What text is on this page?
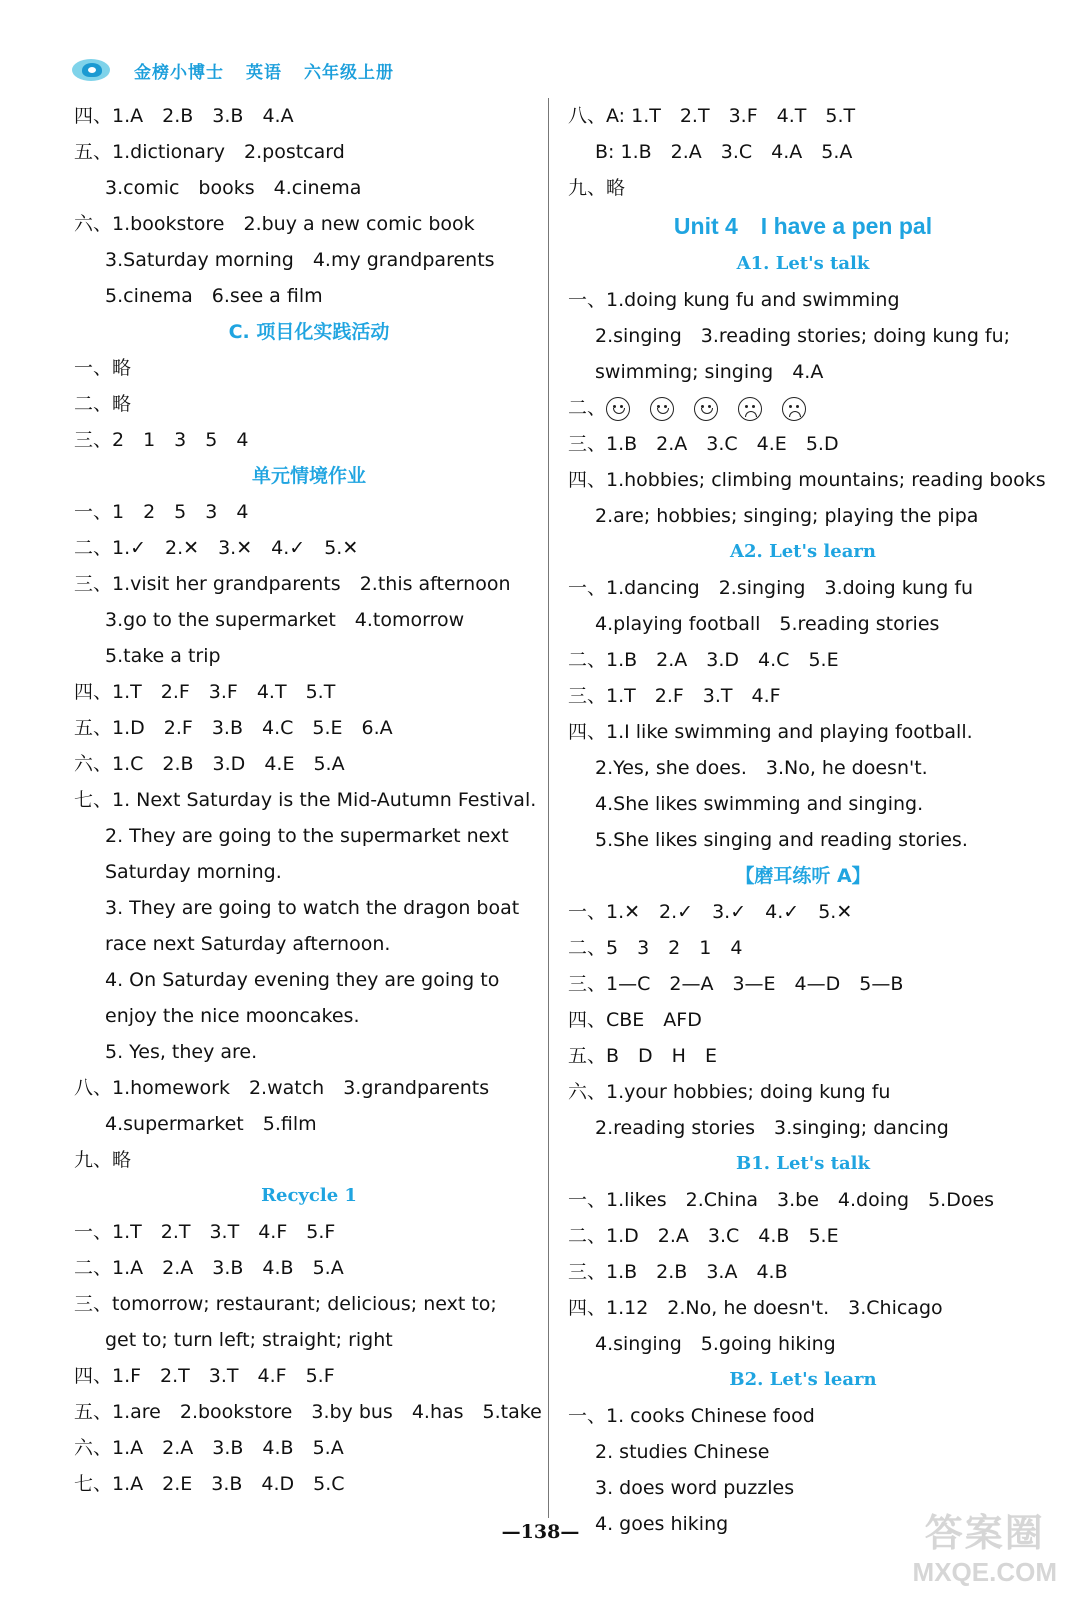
金榜小博士 英语 六年级上册
四、1.A　2.B　3.B　4.A
五、1.dictionary　2.postcard
3.comic　books　4.cinema
六、1.bookstore　2.buy a new comic book
3.Saturday morning　4.my grandparents
5.cinema　6.see a film
C. 项目化实践活动
一、略
二、略
三、2　1　3　5　4
单元情境作业
一、1　2　5　3　4
二、1.✓　2.✕　3.✕　4.✓　5.✕
三、1.visit her grandparents　2.this afternoon
3.go to the supermarket　4.tomorrow
5.take a trip
四、1.T　2.F　3.F　4.T　5.T
五、1.D　2.F　3.B　4.C　5.E　6.A
六、1.C　2.B　3.D　4.E　5.A
七、1. Next Saturday is the Mid-Autumn Festival.
2. They are going to the supermarket next
Saturday morning.
3. They are going to watch the dragon boat
race next Saturday afternoon.
4. On Saturday evening they are going to
enjoy the nice mooncakes.
5. Yes, they are.
八、1.homework　2.watch　3.grandparents
4.supermarket　5.film
九、略
Recycle 1
一、1.T　2.T　3.T　4.F　5.F
二、1.A　2.A　3.B　4.B　5.A
三、tomorrow; restaurant; delicious; next to;
get to; turn left; straight; right
四、1.F　2.T　3.T　4.F　5.F
五、1.are　2.bookstore　3.by bus　4.has　5.take
六、1.A　2.A　3.B　4.B　5.A
七、1.A　2.E　3.B　4.D　5.C
八、A: 1.T　2.T　3.F　4.T　5.T
B: 1.B　2.A　3.C　4.A　5.A
九、略
Unit 4　I have a pen pal
A1. Let's talk
一、1.doing kung fu and swimming
2.singing　3.reading stories; doing kung fu;
swimming; singing　4.A
二、
三、1.B　2.A　3.C　4.E　5.D
四、1.hobbies; climbing mountains; reading books
2.are; hobbies; singing; playing the pipa
A2. Let's learn
一、1.dancing　2.singing　3.doing kung fu
4.playing football　5.reading stories
二、1.B　2.A　3.D　4.C　5.E
三、1.T　2.F　3.T　4.F
四、1.I like swimming and playing football.
2.Yes, she does.　3.No, he doesn't.
4.She likes swimming and singing.
5.She likes singing and reading stories.
【磨耳练听 A】
一、1.✕　2.✓　3.✓　4.✓　5.✕
二、5　3　2　1　4
三、1—C　2—A　3—E　4—D　5—B
四、CBE　AFD
五、B　D　H　E
六、1.your hobbies; doing kung fu
2.reading stories　3.singing; dancing
B1. Let's talk
一、1.likes　2.China　3.be　4.doing　5.Does
二、1.D　2.A　3.C　4.B　5.E
三、1.B　2.B　3.A　4.B
四、1.12　2.No, he doesn't.　3.Chicago
4.singing　5.going hiking
B2. Let's learn
一、1. cooks Chinese food
2. studies Chinese
3. does word puzzles
4. goes hiking
—138—	答案圈
MXQE.COM
